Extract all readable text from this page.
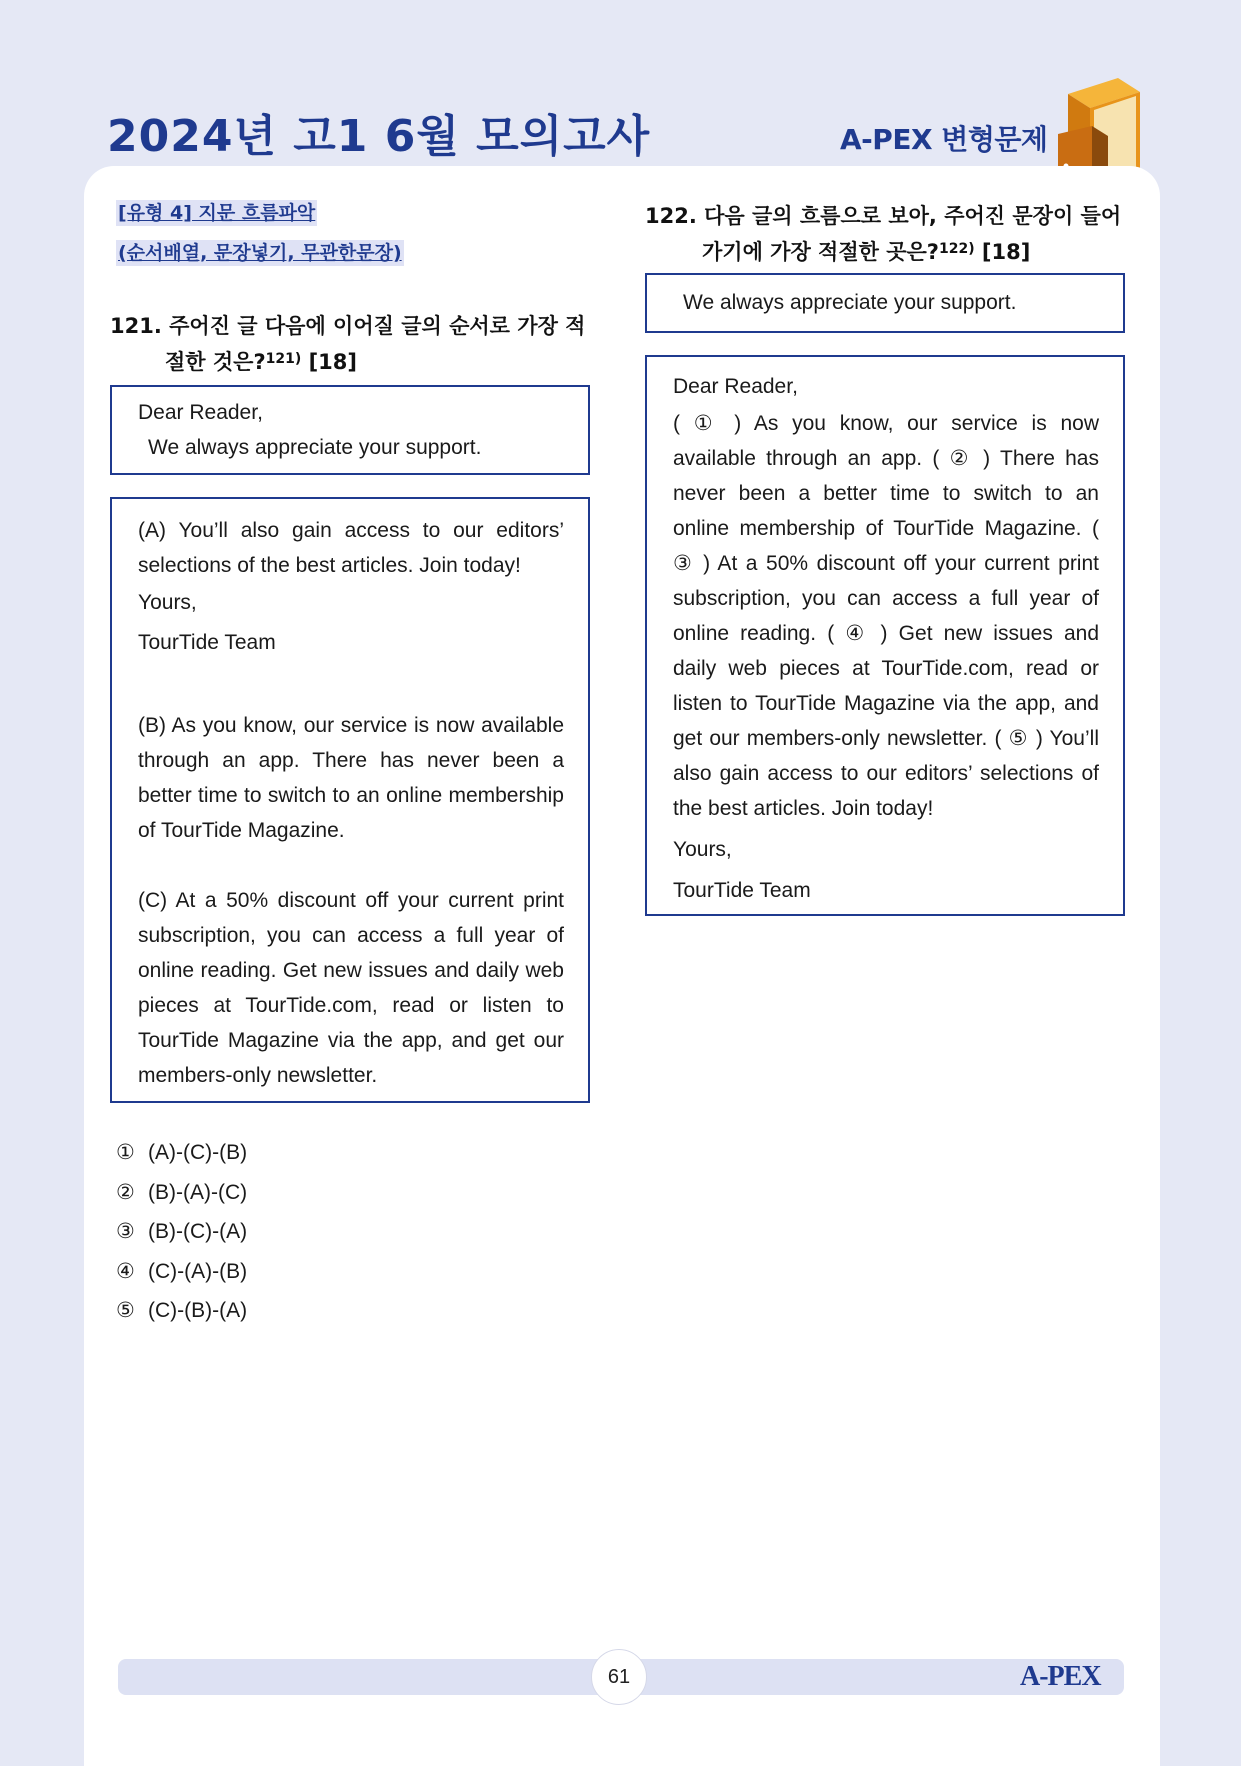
2024년 고1 6월 모의고사	A-PEX 변형문제
[유형 4] 지문 흐름파악
(순서배열, 문장넣기, 무관한문장)
121. 주어진 글 다음에 이어질 글의 순서로 가장 적절한 것은?$^{121)}$ [18]

Dear Reader,

We always appreciate your support.

(A) You’ll also gain access to our editors’ selections of the best articles. Join today!

Yours,

TourTide Team

(B) As you know, our service is now available through an app. There has never been a better time to switch to an online membership of TourTide Magazine.

(C) At a 50% discount off your current print subscription, you can access a full year of online reading. Get new issues and daily web pieces at TourTide.com, read or listen to TourTide Magazine via the app, and get our members-only newsletter.

① (A)-(C)-(B)
② (B)-(A)-(C)
③ (B)-(C)-(A)
④ (C)-(A)-(B)
⑤ (C)-(B)-(A)
122. 다음 글의 흐름으로 보아, 주어진 문장이 들어가기에 가장 적절한 곳은?$^{122)}$ [18]

We always appreciate your support.

Dear Reader,

( ① ) As you know, our service is now available through an app. ( ② ) There has never been a better time to switch to an online membership of TourTide Magazine. ( ③ ) At a 50% discount off your current print subscription, you can access a full year of online reading. ( ④ ) Get new issues and daily web pieces at TourTide.com, read or listen to TourTide Magazine via the app, and get our members-only newsletter. ( ⑤ ) You’ll also gain access to our editors’ selections of the best articles. Join today!

Yours,

TourTide Team

61	A-PEX
